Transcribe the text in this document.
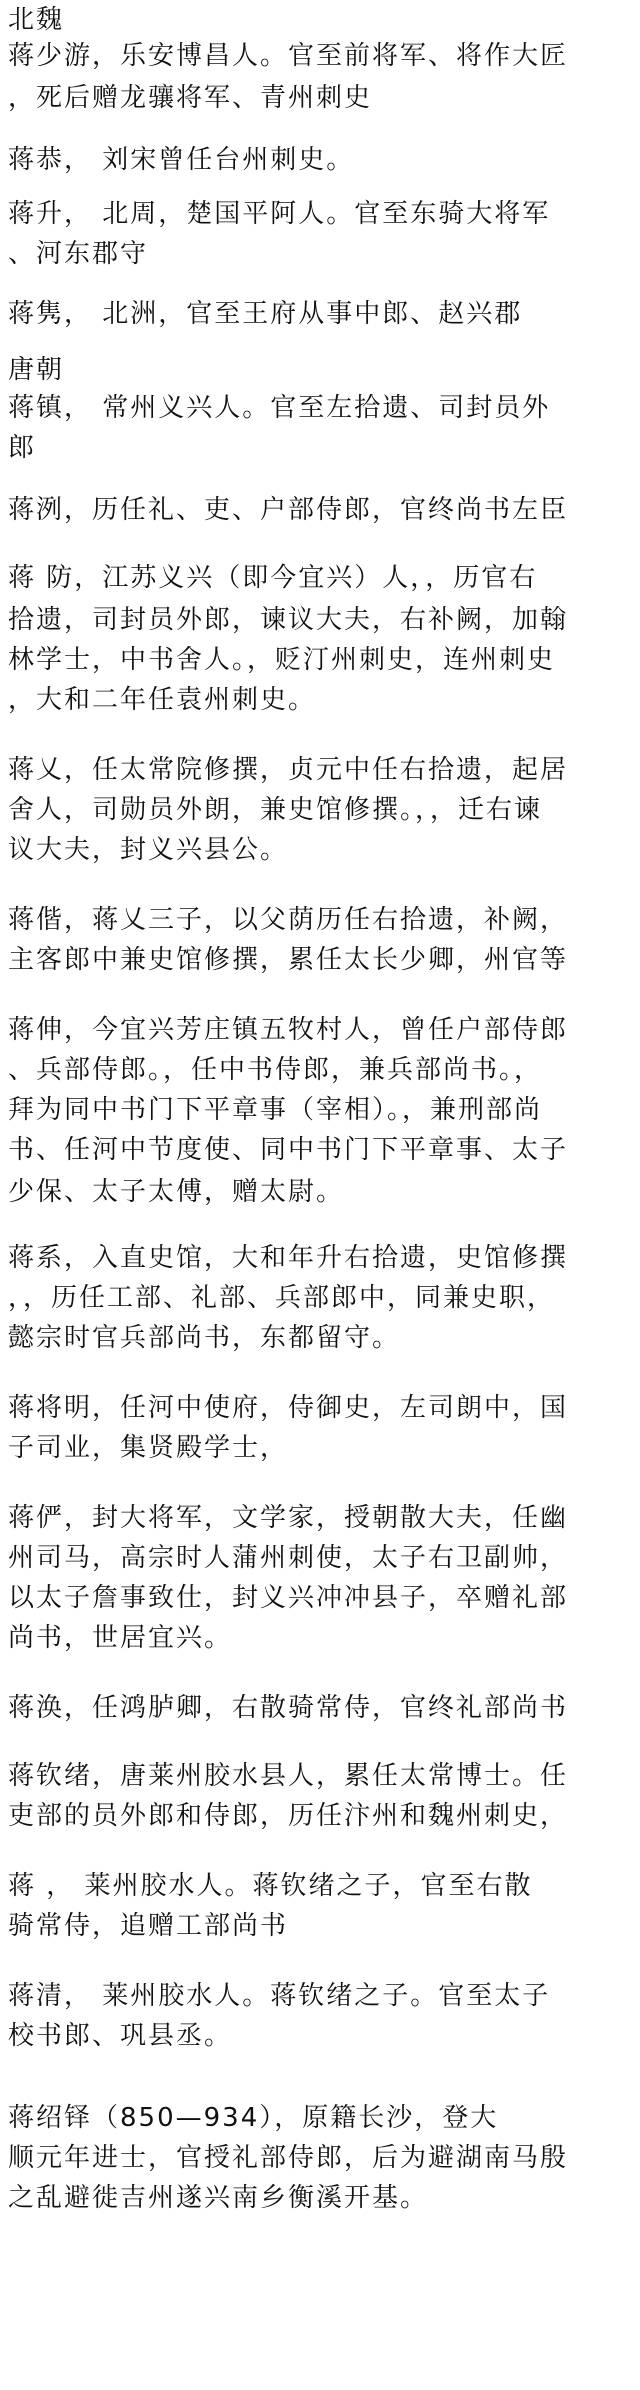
北魏
蒋少游，乐安博昌人。官至前将军、将作大匠
，死后赠龙骧将军、青州刺史
蒋恭， 刘宋曾任台州刺史。
蒋升， 北周，楚国平阿人。官至东骑大将军
、河东郡守
蒋隽， 北洲，官至王府从事中郎、赵兴郡
唐朝
蒋镇， 常州义兴人。官至左拾遗、司封员外
郎
蒋洌，历任礼、吏、户部侍郎，官终尚书左臣
蒋 防，江苏义兴（即今宜兴）人，，历官右
拾遗，司封员外郎，谏议大夫，右补阙，加翰
林学士，中书舍人。，贬汀州刺史，连州刺史
，大和二年任袁州刺史。
蒋乂，任太常院修撰，贞元中任右拾遗，起居
舍人，司勋员外朗，兼史馆修撰。，，迁右谏
议大夫，封义兴县公。
蒋偕，蒋乂三子，以父荫历任右拾遗，补阙，
主客郎中兼史馆修撰，累任太长少卿，州官等
蒋伸，今宜兴芳庄镇五牧村人，曾任户部侍郎
、兵部侍郎。，任中书侍郎，兼兵部尚书。，
拜为同中书门下平章事（宰相）。，兼刑部尚
书、任河中节度使、同中书门下平章事、太子
少保、太子太傅，赠太尉。
蒋系，入直史馆，大和年升右拾遗，史馆修撰
，，历任工部、礼部、兵部郎中，同兼史职，
懿宗时官兵部尚书，东都留守。
蒋将明，任河中使府，侍御史，左司朗中，国
子司业，集贤殿学士，
蒋俨，封大将军，文学家，授朝散大夫，任幽
州司马，高宗时人蒲州刺使，太子右卫副帅，
以太子詹事致仕，封义兴冲冲县子，卒赠礼部
尚书，世居宜兴。
蒋涣，任鸿胪卿，右散骑常侍，官终礼部尚书
蒋钦绪，唐莱州胶水县人，累任太常博士。任
吏部的员外郎和侍郎，历任汴州和魏州刺史，
蒋 ， 莱州胶水人。蒋钦绪之子，官至右散
骑常侍，追赠工部尚书
蒋清， 莱州胶水人。蒋钦绪之子。官至太子
校书郎、巩县丞。
蒋绍铎（850—934），原籍长沙，登大
顺元年进士，官授礼部侍郎，后为避湖南马殷
之乱避徙吉州遂兴南乡衡溪开基。
